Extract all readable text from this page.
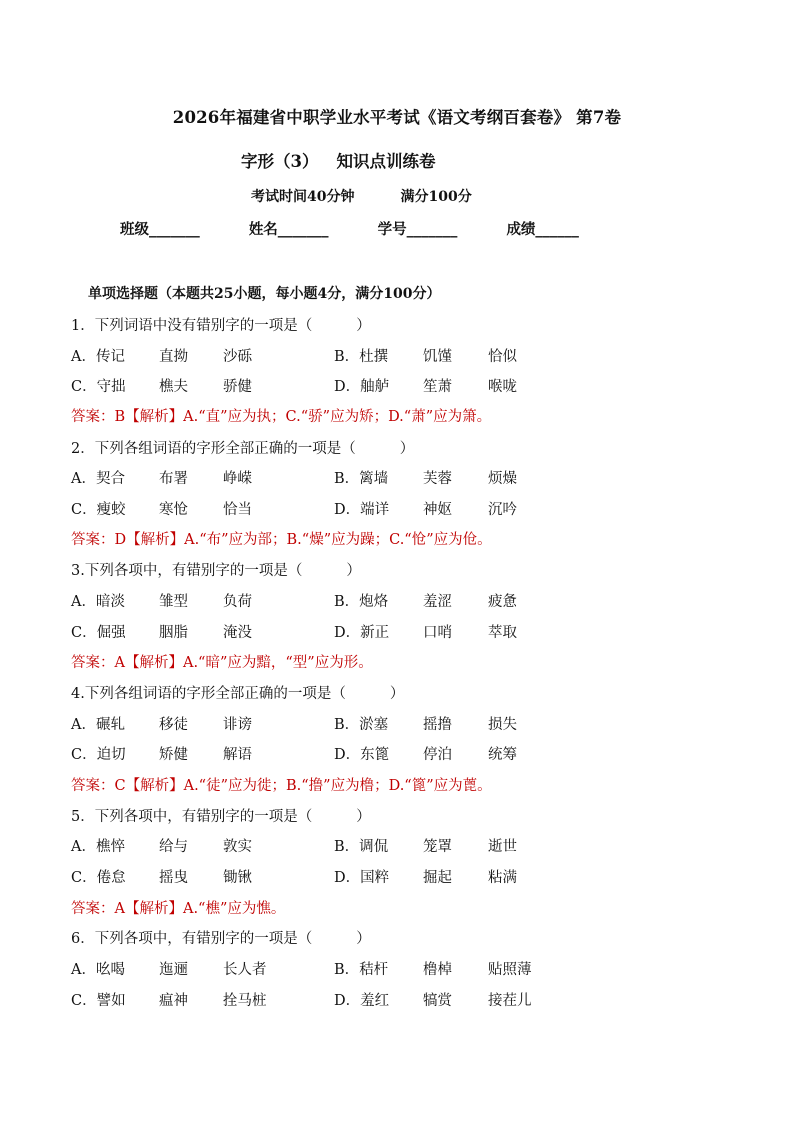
2026年福建省中职学业水平考试《语文考纲百套卷》 第7卷
字形（3） 知识点训练卷
考试时间40分钟	满分100分
班级_______	姓名_______	学号_______	成绩______
单项选择题（本题共25小题，每小题4分，满分100分）
1．下列词语中没有错别字的一项是（	）
A．传记 直拗 沙砾	B．杜撰 饥馑 恰似
C．守拙 樵夫 骄健	D．舳舻 笙萧 喉咙
答案：B【解析】A.“直”应为执；C.“骄”应为矫；D.“萧”应为箫。
2．下列各组词语的字形全部正确的一项是（	）
A．契合 布署 峥嵘	B．篱墙 芙蓉 烦燥
C．瘦蛟 寒怆 恰当	D．端详 神妪 沉吟
答案：D【解析】A.“布”应为部；B.“燥”应为躁；C.“怆”应为伧。
3.下列各项中，有错别字的一项是（	）
A．暗淡 雏型 负荷	B．炮烙 羞涩 疲惫
C．倔强 胭脂 淹没	D．新正 口哨 萃取
答案：A【解析】A.“暗”应为黯，“型”应为形。
4.下列各组词语的字形全部正确的一项是（	）
A．碾轧 移徒 诽谤	B．淤塞 摇撸 损失
C．迫切 矫健 解语	D．东篦 停泊 统筹
答案：C【解析】A.“徒”应为徙；B.“撸”应为橹；D.“篦”应为蓖。
5．下列各项中，有错别字的一项是（	）
A．樵悴 给与 敦实	B．调侃 笼罩 逝世
C．倦怠 摇曳 锄锹	D．国粹 掘起 粘满
答案：A【解析】A.“樵”应为憔。
6．下列各项中，有错别字的一项是（	）
A．吆喝 迤逦 长人者	B．秸杆 橹棹 贴照薄
C．譬如 瘟神 拴马桩	D．羞红 犒赏 接茬儿
